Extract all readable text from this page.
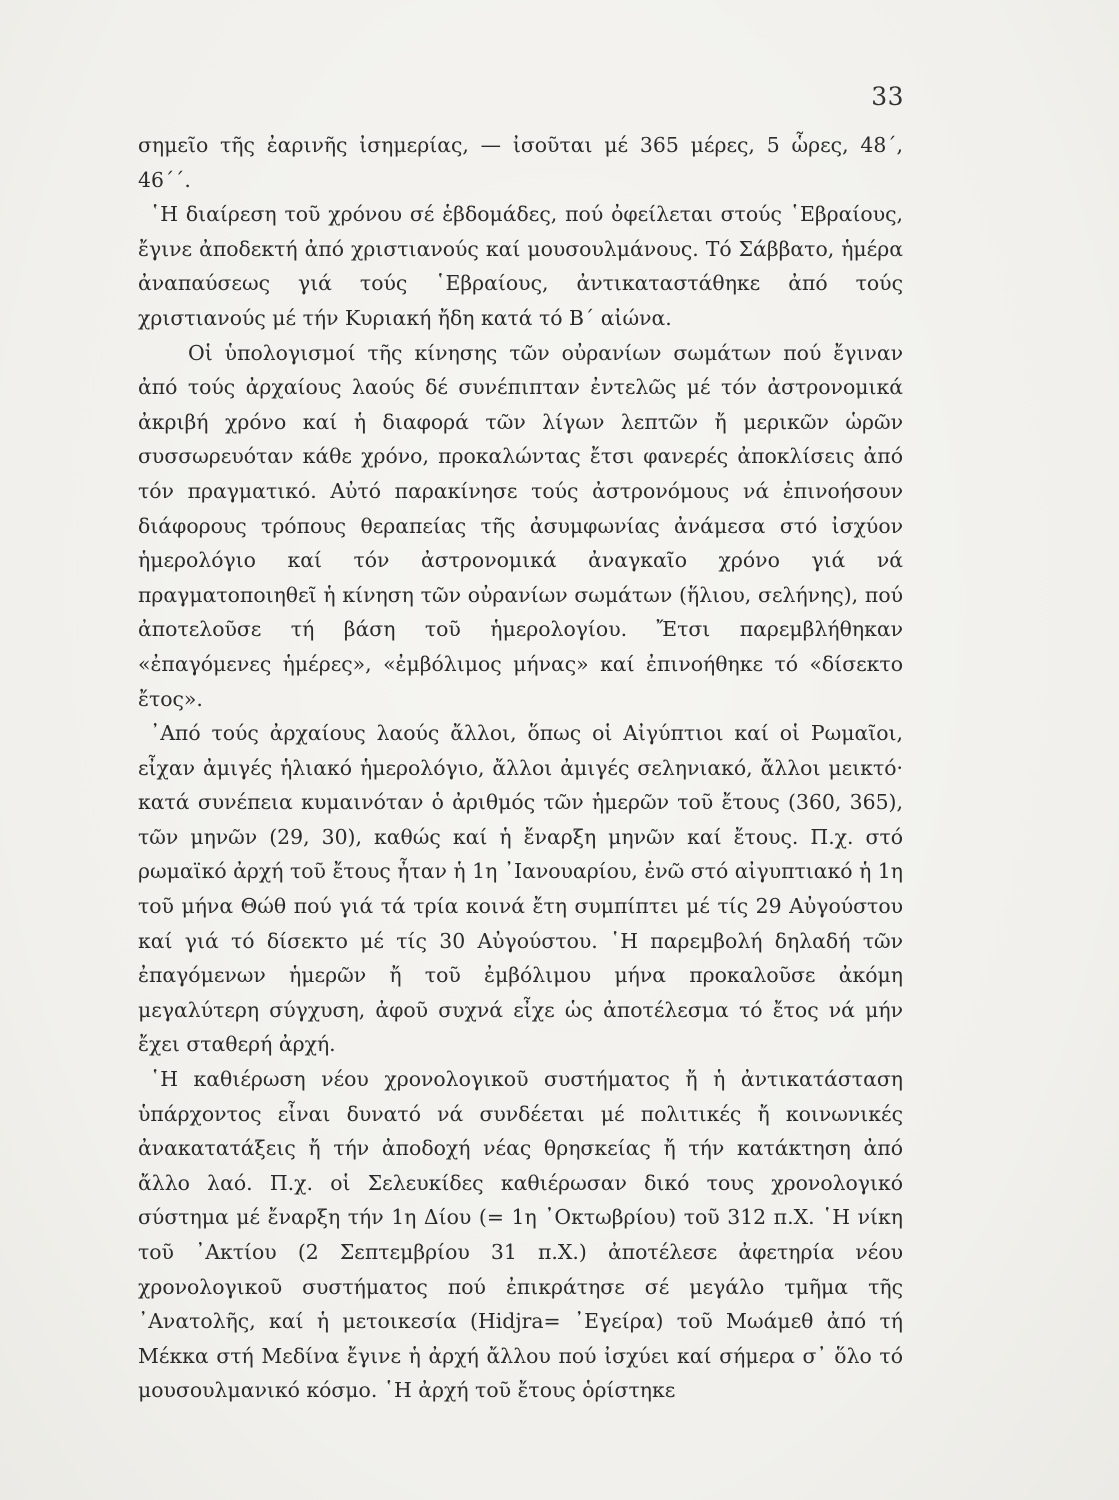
33

σημεῖο τῆς ἐαρινῆς ἰσημερίας, — ἰσοῦται μέ 365 μέρες, 5 ὧρες, 48΄, 46΄΄.

῾Η διαίρεση τοῦ χρόνου σέ ἑβδομάδες, πού ὀφείλεται στούς ῾Εβραίους, ἔγινε ἀποδεκτή ἀπό χριστιανούς καί μουσουλμάνους. Τό Σάββατο, ἡμέρα ἀναπαύσεως γιά τούς ῾Εβραίους, ἀντικαταστάθηκε ἀπό τούς χριστιανούς μέ τήν Κυριακή ἤδη κατά τό Β΄ αἰώνα.

Οἱ ὑπολογισμοί τῆς κίνησης τῶν οὐρανίων σωμάτων πού ἔγιναν ἀπό τούς ἀρχαίους λαούς δέ συνέπιπταν ἐντελῶς μέ τόν ἀστρονομικά ἀκριβή χρόνο καί ἡ διαφορά τῶν λίγων λεπτῶν ἤ μερικῶν ὡρῶν συσσωρευόταν κάθε χρόνο, προκαλώντας ἔτσι φανερές ἀποκλίσεις ἀπό τόν πραγματικό. Αὐτό παρακίνησε τούς ἀστρονόμους νά ἐπινοήσουν διάφορους τρόπους θεραπείας τῆς ἀσυμφωνίας ἀνάμεσα στό ἰσχύον ἡμερολόγιο καί τόν ἀστρονομικά ἀναγκαῖο χρόνο γιά νά πραγματοποιηθεῖ ἡ κίνηση τῶν οὐρανίων σωμάτων (ἥλιου, σελήνης), πού ἀποτελοῦσε τή βάση τοῦ ἡμερολογίου. Ἔτσι παρεμβλήθηκαν «ἐπαγόμενες ἡμέρες», «ἐμβόλιμος μήνας» καί ἐπινοήθηκε τό «δίσεκτο ἔτος».

᾿Από τούς ἀρχαίους λαούς ἄλλοι, ὅπως οἱ Αἰγύπτιοι καί οἱ Ρωμαῖοι, εἶχαν ἀμιγές ἡλιακό ἡμερολόγιο, ἄλλοι ἀμιγές σεληνιακό, ἄλλοι μεικτό· κατά συνέπεια κυμαινόταν ὁ ἀριθμός τῶν ἡμερῶν τοῦ ἔτους (360, 365), τῶν μηνῶν (29, 30), καθώς καί ἡ ἔναρξη μηνῶν καί ἔτους. Π.χ. στό ρωμαϊκό ἀρχή τοῦ ἔτους ἦταν ἡ 1η ᾿Ιανουαρίου, ἐνῶ στό αἰγυπτιακό ἡ 1η τοῦ μήνα Θώθ πού γιά τά τρία κοινά ἔτη συμπίπτει μέ τίς 29 Αὐγούστου καί γιά τό δίσεκτο μέ τίς 30 Αὐγούστου. ῾Η παρεμβολή δηλαδή τῶν ἐπαγόμενων ἡμερῶν ἤ τοῦ ἐμβόλιμου μήνα προκαλοῦσε ἀκόμη μεγαλύτερη σύγχυση, ἀφοῦ συχνά εἶχε ὡς ἀποτέλεσμα τό ἔτος νά μήν ἔχει σταθερή ἀρχή.

῾Η καθιέρωση νέου χρονολογικοῦ συστήματος ἤ ἡ ἀντικατάσταση ὑπάρχοντος εἶναι δυνατό νά συνδέεται μέ πολιτικές ἤ κοινωνικές ἀνακατατάξεις ἤ τήν ἀποδοχή νέας θρησκείας ἤ τήν κατάκτηση ἀπό ἄλλο λαό. Π.χ. οἱ Σελευκίδες καθιέρωσαν δικό τους χρονολογικό σύστημα μέ ἔναρξη τήν 1η Δίου (= 1η ᾿Οκτωβρίου) τοῦ 312 π.Χ. ῾Η νίκη τοῦ ᾿Ακτίου (2 Σεπτεμβρίου 31 π.Χ.) ἀποτέλεσε ἀφετηρία νέου χρονολογικοῦ συστήματος πού ἐπικράτησε σέ μεγάλο τμῆμα τῆς ᾿Ανατολῆς, καί ἡ μετοικεσία (Hidjra= ᾿Εγείρα) τοῦ Μωάμεθ ἀπό τή Μέκκα στή Μεδίνα ἔγινε ἡ ἀρχή ἄλλου πού ἰσχύει καί σήμερα σ᾿ ὅλο τό μουσουλμανικό κόσμο. ῾Η ἀρχή τοῦ ἔτους ὁρίστηκε
